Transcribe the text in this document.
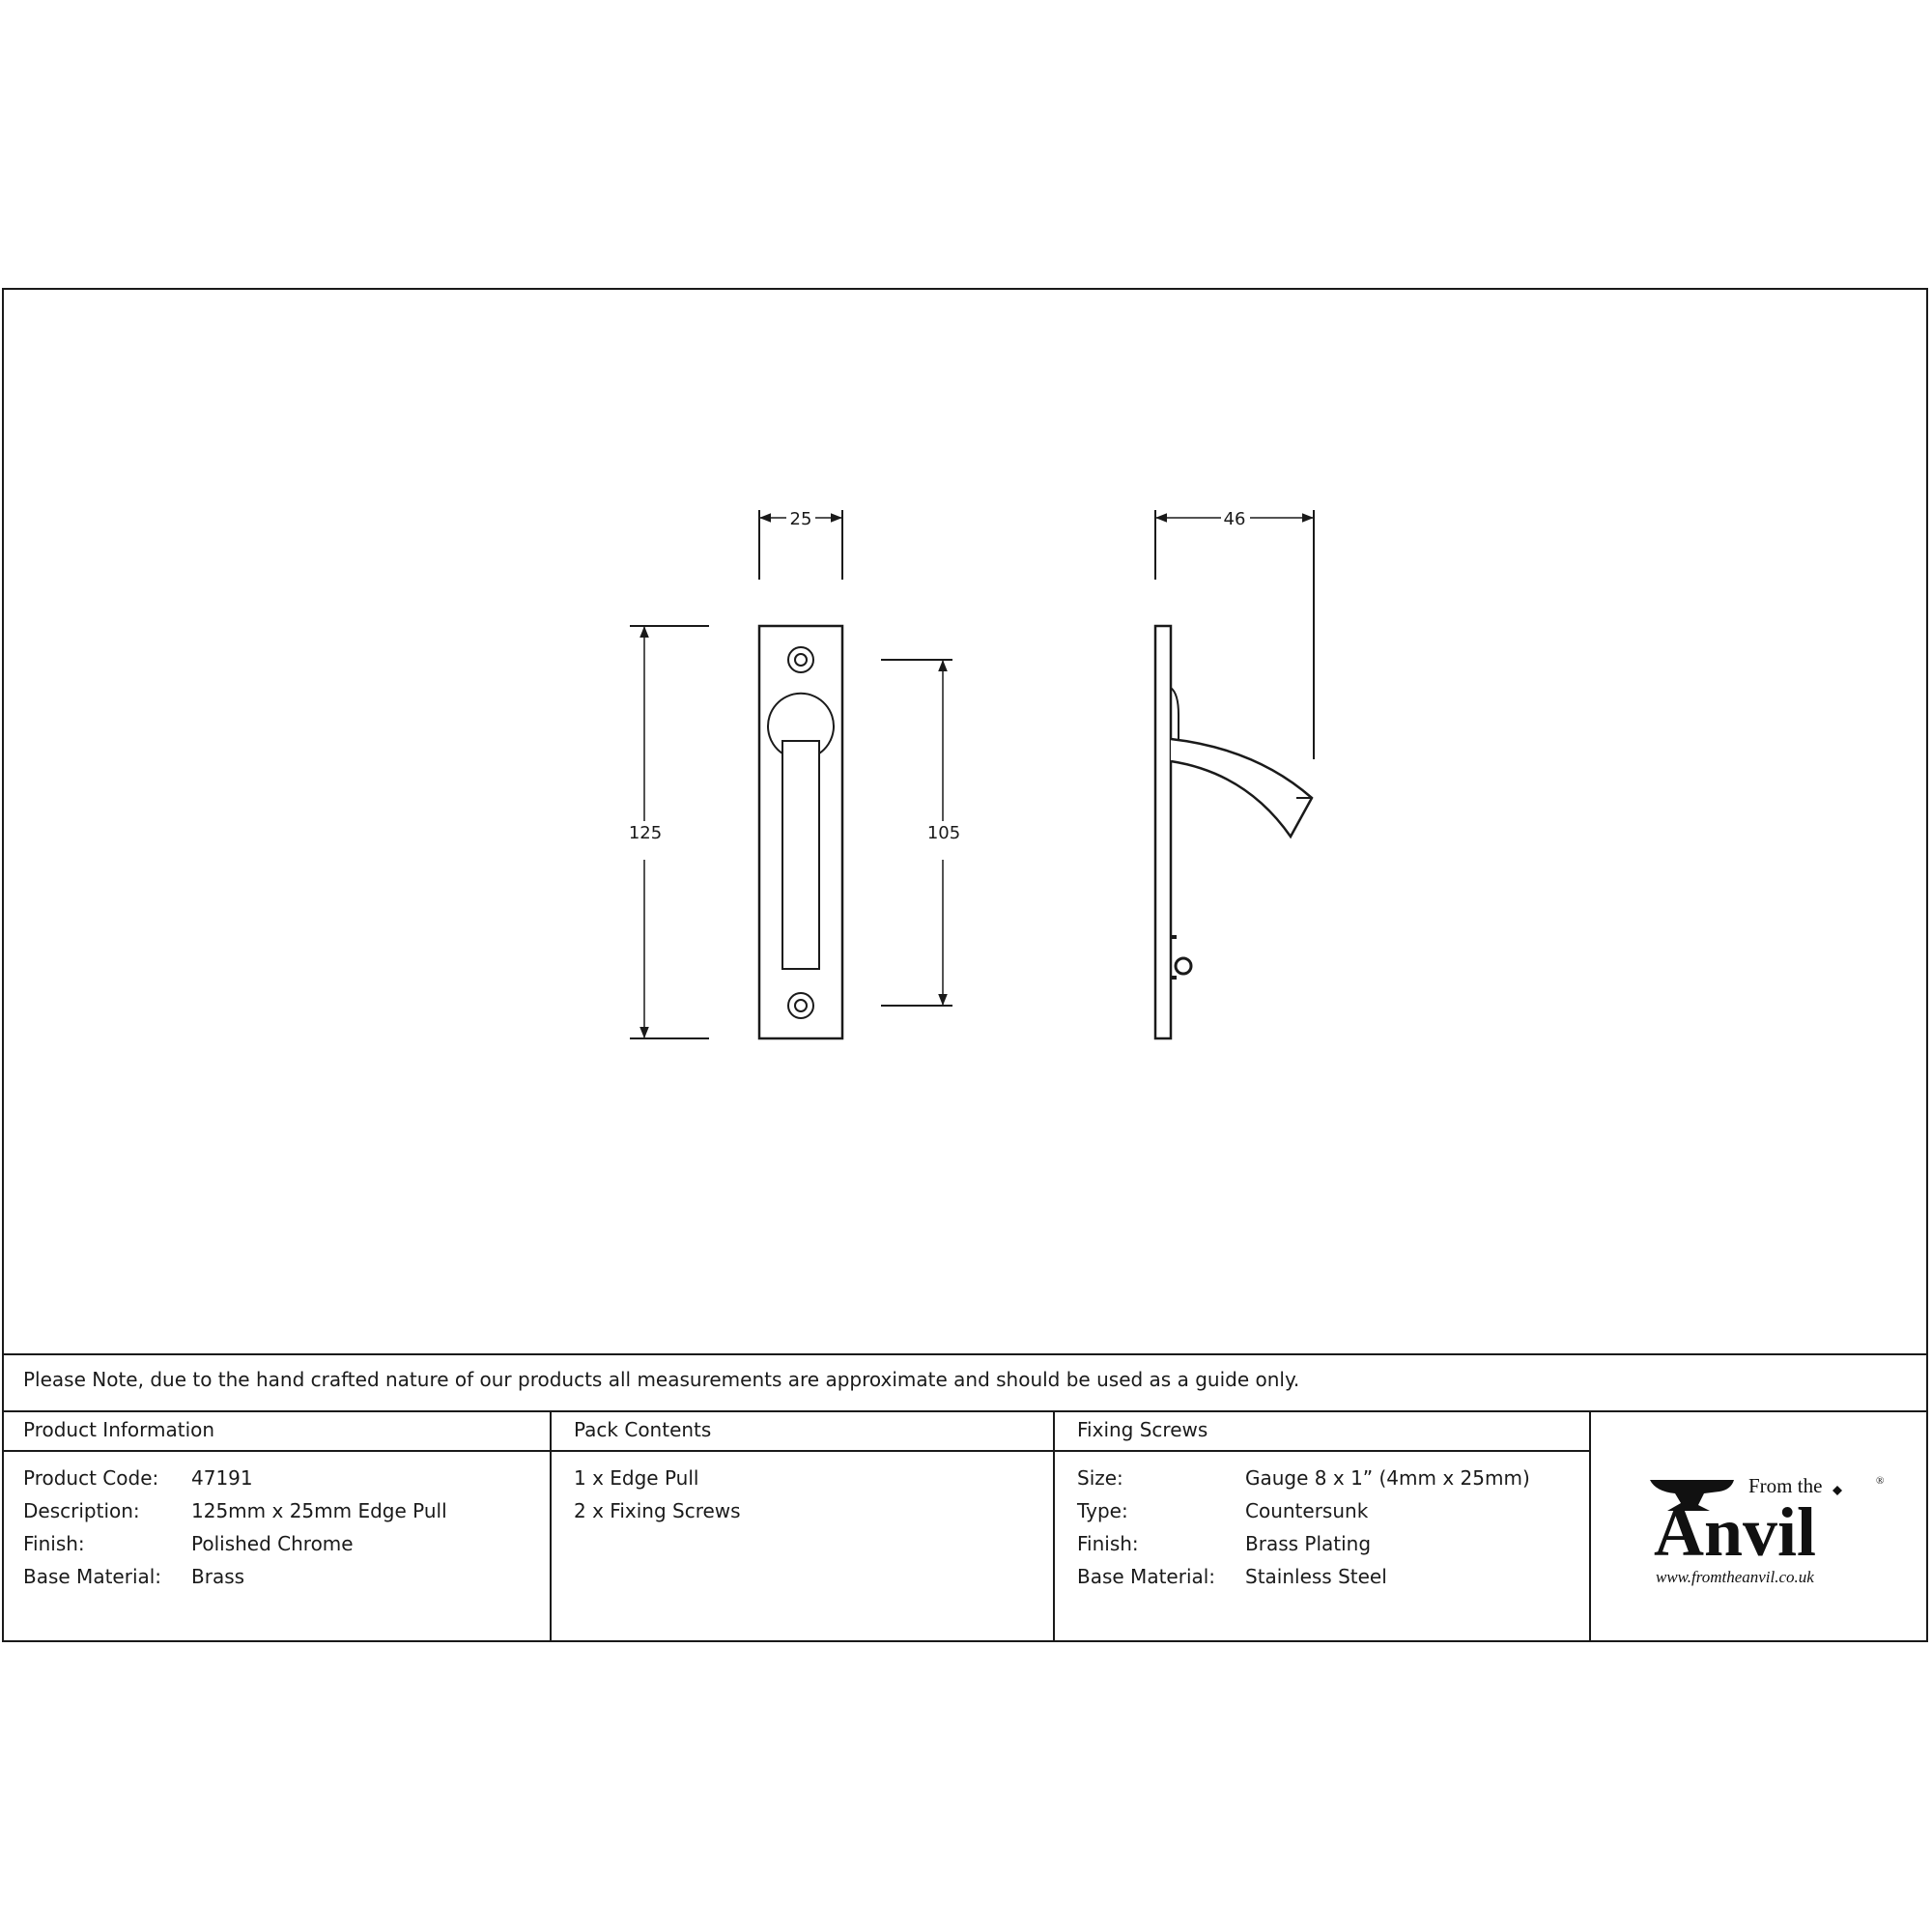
25	46
125	105
Please Note, due to the hand crafted nature of our products all measurements are approximate and should be used as a guide only.
Product Information
Product Code: 47191
Description:	125mm x 25mm Edge Pull
Finish:	Polished Chrome
Base Material: Brass
Pack Contents
1 x Edge Pull
2 x Fixing Screws
Fixing Screws
Size:	Gauge 8 x 1” (4mm x 25mm)
Type:	Countersunk
Finish:	Brass Plating
Base Material: Stainless Steel
From the	®
Anvil
www.fromtheanvil.co.uk
